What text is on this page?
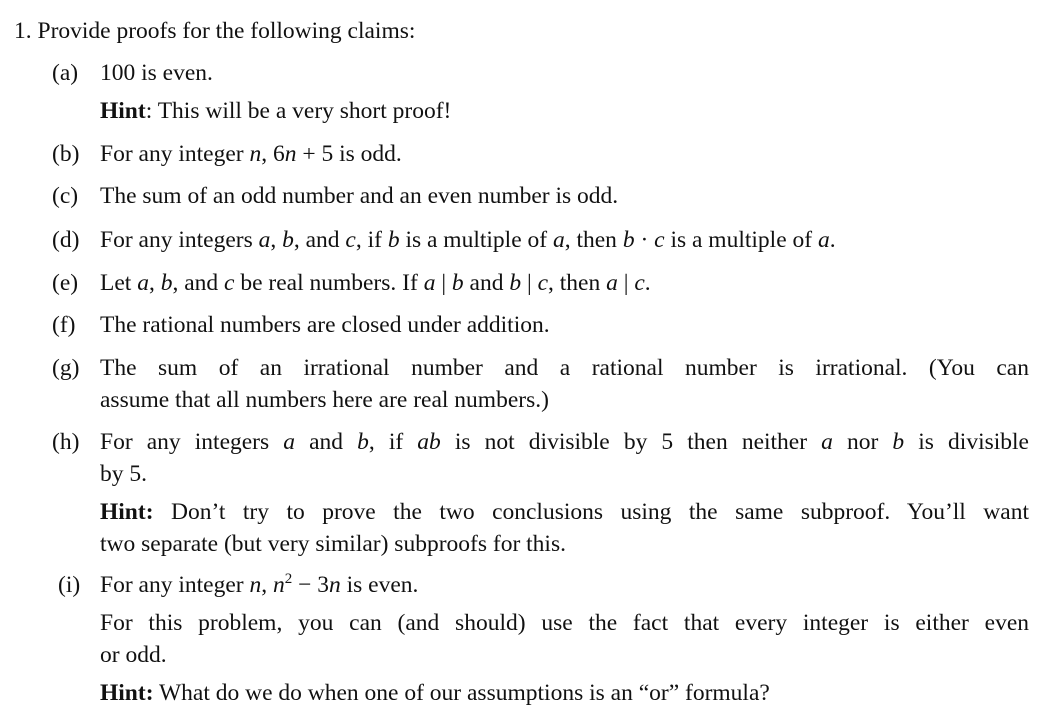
1. Provide proofs for the following claims:
(a) 100 is even.
Hint: This will be a very short proof!
(b) For any integer n, 6n + 5 is odd.
(c) The sum of an odd number and an even number is odd.
(d) For any integers a, b, and c, if b is a multiple of a, then b · c is a multiple of a.
(e) Let a, b, and c be real numbers. If a | b and b | c, then a | c.
(f)	The rational numbers are closed under addition.
(g) The sum of an irrational number and a rational number is irrational. (You can
assume that all numbers here are real numbers.)
(h) For any integers a and b, if ab is not divisible by 5 then neither a nor b is divisible
by 5.
Hint: Don’t try to prove the two conclusions using the same subproof. You’ll want
two separate (but very similar) subproofs for this.
(i) For any integer n, $n^2 - 3n$ is even.
For this problem, you can (and should) use the fact that every integer is either even
or odd.
Hint: What do we do when one of our assumptions is an “or” formula?
